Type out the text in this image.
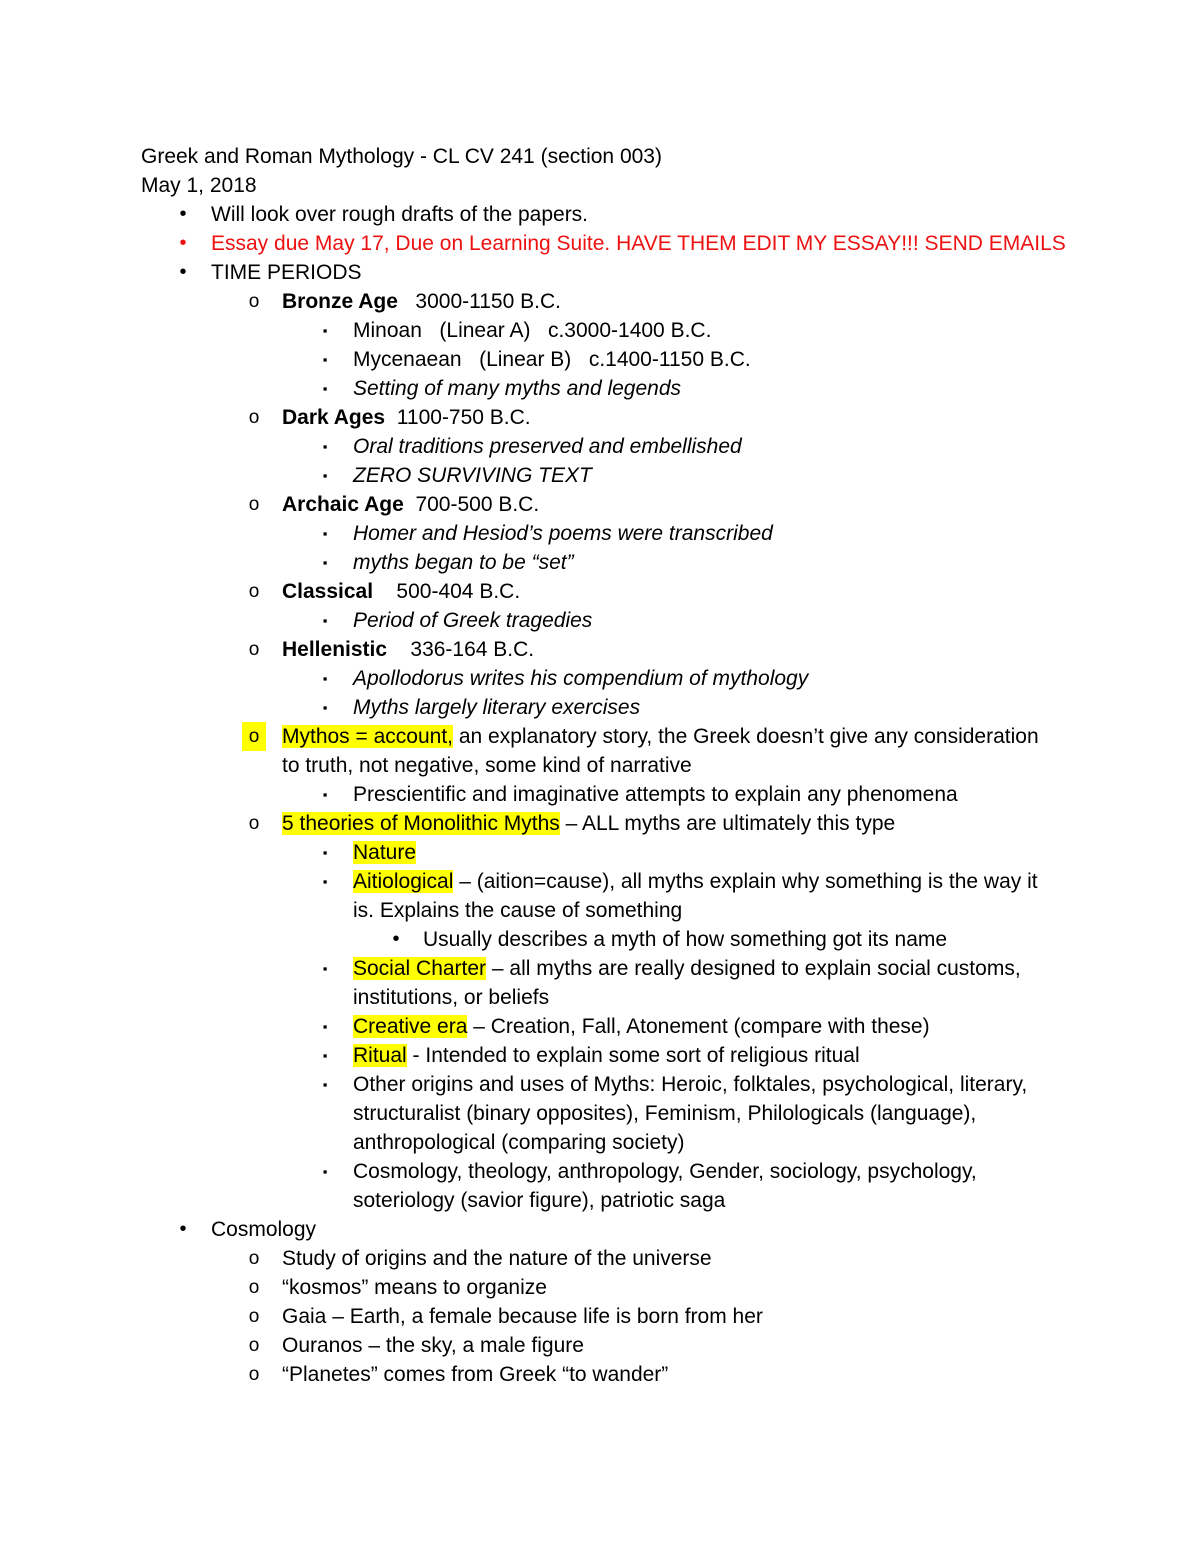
Greek and Roman Mythology - CL CV 241 (section 003)
May 1, 2018
•	Will look over rough drafts of the papers.
•	Essay due May 17, Due on Learning Suite. HAVE THEM EDIT MY ESSAY!!! SEND EMAILS
•	TIME PERIODS
o	Bronze Age 3000-1150 B.C.
▪	Minoan (Linear A) c.3000-1400 B.C.
▪	Mycenaean (Linear B) c.1400-1150 B.C.
▪	Setting of many myths and legends
o	Dark Ages 1100-750 B.C.
▪	Oral traditions preserved and embellished
▪	ZERO SURVIVING TEXT
o	Archaic Age 700-500 B.C.
▪	Homer and Hesiod’s poems were transcribed
▪	myths began to be “set”
o	Classical 500-404 B.C.
▪	Period of Greek tragedies
o	Hellenistic 336-164 B.C.
▪	Apollodorus writes his compendium of mythology
▪	Myths largely literary exercises
o	Mythos = account, an explanatory story, the Greek doesn’t give any consideration
to truth, not negative, some kind of narrative
▪	Prescientific and imaginative attempts to explain any phenomena
o	5 theories of Monolithic Myths – ALL myths are ultimately this type
▪	Nature
▪	Aitiological – (aition=cause), all myths explain why something is the way it
is. Explains the cause of something
•	Usually describes a myth of how something got its name
▪	Social Charter – all myths are really designed to explain social customs,
institutions, or beliefs
▪	Creative era – Creation, Fall, Atonement (compare with these)
▪	Ritual - Intended to explain some sort of religious ritual
▪	Other origins and uses of Myths: Heroic, folktales, psychological, literary,
structuralist (binary opposites), Feminism, Philologicals (language),
anthropological (comparing society)
▪	Cosmology, theology, anthropology, Gender, sociology, psychology,
soteriology (savior figure), patriotic saga
•	Cosmology
o	Study of origins and the nature of the universe
o	“kosmos” means to organize
o	Gaia – Earth, a female because life is born from her
o	Ouranos – the sky, a male figure
o	“Planetes” comes from Greek “to wander”
